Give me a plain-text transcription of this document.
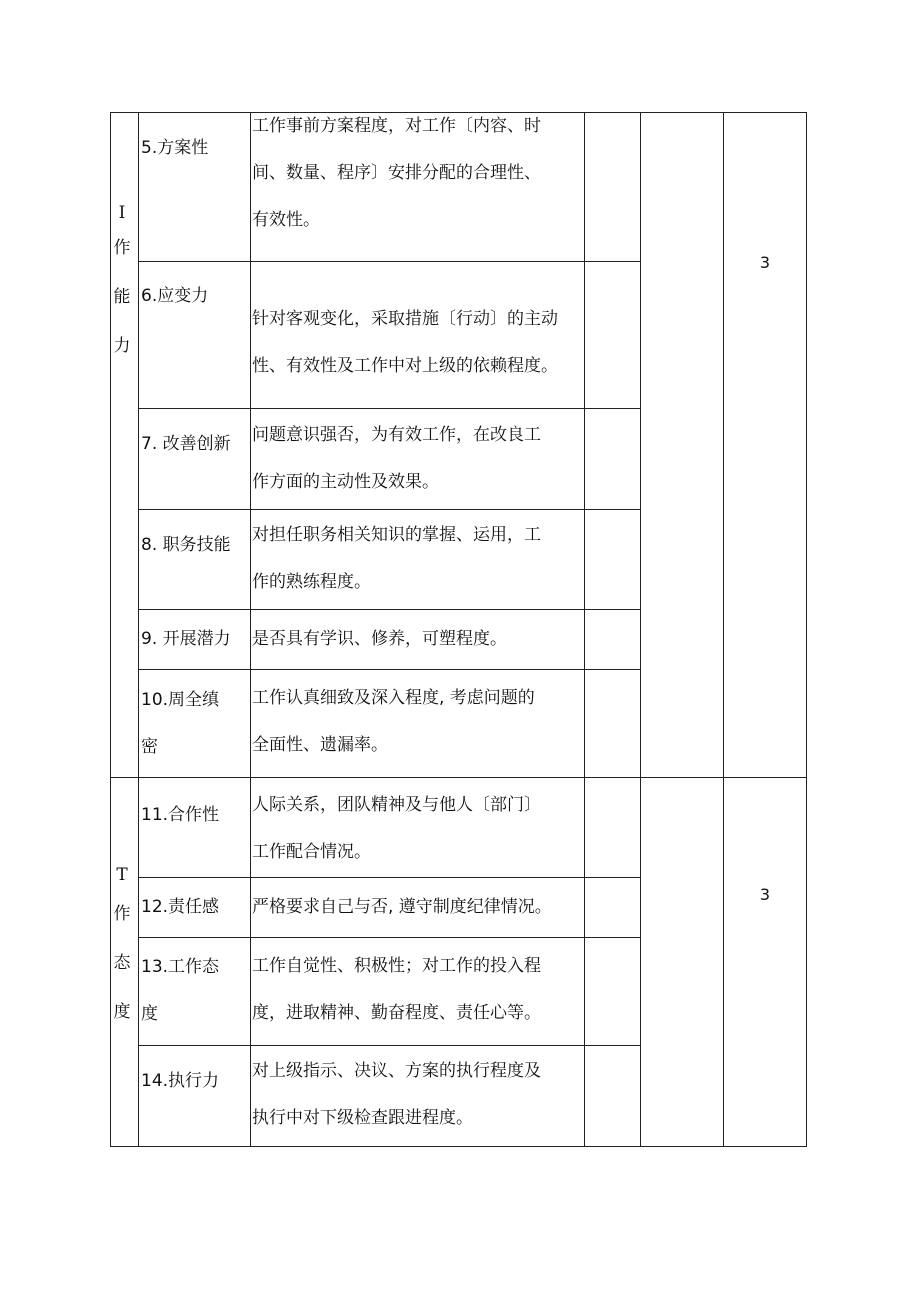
I
作
能
力
3
5.方案性
工作事前方案程度，对工作〔内容、时
间、数量、程序〕安排分配的合理性、
有效性。
6.应变力
针对客观变化，采取措施〔行动〕的主动
性、有效性及工作中对上级的依赖程度。
7. 改善创新 问题意识强否，为有效工作，在改良工
作方面的主动性及效果。
8. 职务技能 对担任职务相关知识的掌握、运用，工
作的熟练程度。
9. 开展潜力 是否具有学识、修养，可塑程度。
10.周全缜
密
工作认真细致及深入程度, 考虑问题的
全面性、遗漏率。
T
作
态
度
3
11.合作性 人际关系，团队精神及与他人〔部门〕
工作配合情况。
12.责任感 严格要求自己与否, 遵守制度纪律情况。
13.工作态
度
工作自觉性、积极性；对工作的投入程
度，进取精神、勤奋程度、责任心等。
14.执行力 对上级指示、决议、方案的执行程度及
执行中对下级检查跟进程度。
